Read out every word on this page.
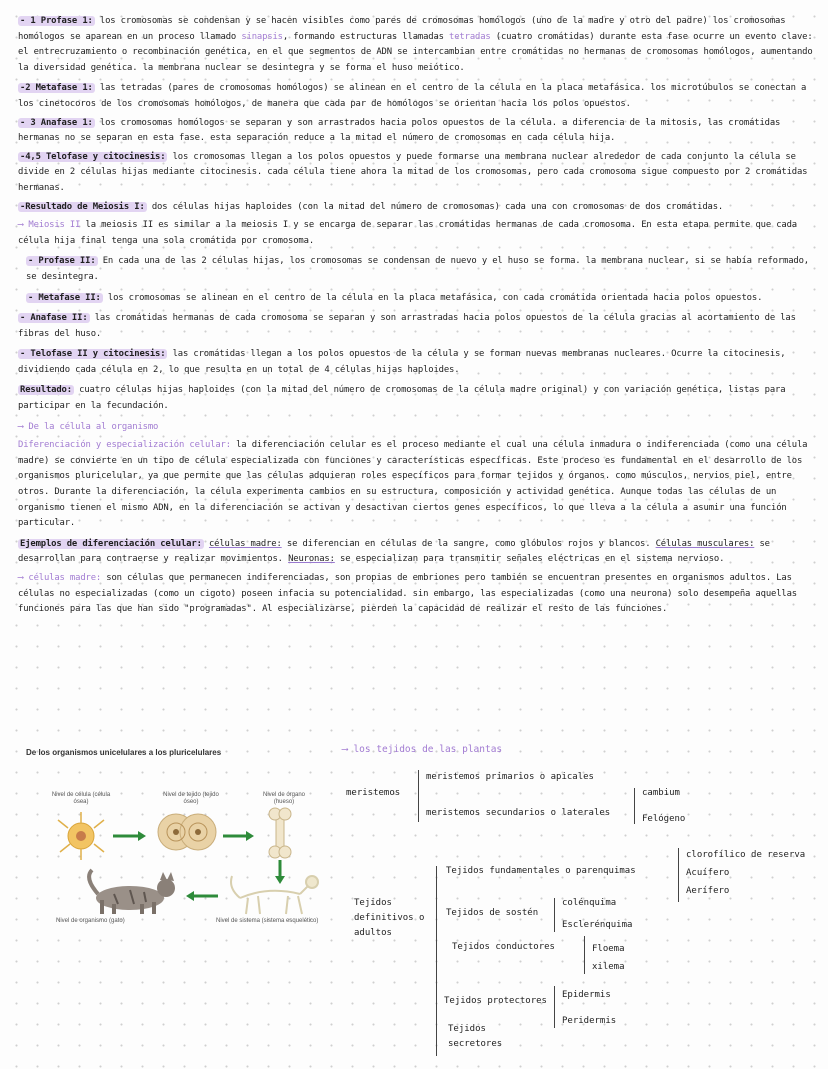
- 1 Profase 1: los cromosomas se condensan y se hacen visibles como pares de cromosomas homólogos (uno de la madre y otro del padre) los cromosomas homólogos se aparean en un proceso llamado sinapsis, formando estructuras llamadas tetradas (cuatro cromátidas) durante esta fase ocurre un evento clave: el entrecruzamiento o recombinación genética, en el que segmentos de ADN se intercambian entre cromátidas no hermanas de cromosomas homólogos, aumentando la diversidad genética. la membrana nuclear se desintegra y se forma el huso meiótico.

-2 Metafase 1: las tetradas (pares de cromosomas homólogos) se alinean en el centro de la célula en la placa metafásica. los microtúbulos se conectan a los cinetocoros de los cromosomas homólogos, de manera que cada par de homólogos se orientan hacia los polos opuestos.

- 3 Anafase 1: los cromosomas homólogos se separan y son arrastrados hacia polos opuestos de la célula. a diferencia de la mitosis, las cromátidas hermanas no se separan en esta fase. esta separación reduce a la mitad el número de cromosomas en cada célula hija.

-4,5 Telofase y citocinesis: los cromosomas llegan a los polos opuestos y puede formarse una membrana nuclear alrededor de cada conjunto la célula se divide en 2 células hijas mediante citocinesis. cada célula tiene ahora la mitad de los cromosomas, pero cada cromosoma sigue compuesto por 2 cromátidas hermanas.

-Resultado de Meiosis I: dos células hijas haploides (con la mitad del número de cromosomas) cada una con cromosomas de dos cromátidas.

⟶ Meiosis II la meiosis II es similar a la meiosis I y se encarga de separar las cromátidas hermanas de cada cromosoma. En esta etapa permite que cada célula hija final tenga una sola cromátida por cromosoma.

- Profase II: En cada una de las 2 células hijas, los cromosomas se condensan de nuevo y el huso se forma. la membrana nuclear, si se había reformado, se desintegra.

- Metafase II: los cromosomas se alinean en el centro de la célula en la placa metafásica, con cada cromátida orientada hacia polos opuestos.

- Anafase II: las cromátidas hermanas de cada cromosoma se separan y son arrastradas hacia polos opuestos de la célula gracias al acortamiento de las fibras del huso.

- Telofase II y citocinesis: las cromátidas llegan a los polos opuestos de la célula y se forman nuevas membranas nucleares. Ocurre la citocinesis, dividiendo cada célula en 2, lo que resulta en un total de 4 células hijas haploides.

Resultado: cuatro células hijas haploides (con la mitad del número de cromosomas de la célula madre original) y con variación genética, listas para participar en la fecundación.

⟶ De la célula al organismo

Diferenciación y especialización celular: la diferenciación celular es el proceso mediante el cual una célula inmadura o indiferenciada (como una célula madre) se convierte en un tipo de célula especializada con funciones y características específicas. Este proceso es fundamental en el desarrollo de los organismos pluricelular, ya que permite que las células adquieran roles específicos para formar tejidos y órganos. como músculos, nervios piel, entre otros. Durante la diferenciación, la célula experimenta cambios en su estructura, composición y actividad genética. Aunque todas las células de un organismo tienen el mismo ADN, en la diferenciación se activan y desactivan ciertos genes específicos, lo que lleva a la célula a asumir una función particular.

Ejemplos de diferenciación celular: células madre: se diferencian en células de la sangre, como glóbulos rojos y blancos. Células musculares: se desarrollan para contraerse y realizar movimientos. Neuronas: se especializan para transmitir señales eléctricas en el sistema nervioso.

⟶ células madre: son células que permanecen indiferenciadas, son propias de embriones pero también se encuentran presentes en organismos adultos. Las células no especializadas (como un cigoto) poseen infacia su potencialidad. sin embargo, las especializadas (como una neurona) solo desempeña aquellas funciones para las que han sido "programadas". Al especializarse, pierden la capacidad de realizar el resto de las funciones.

De los organismos unicelulares a los pluricelulares
Nivel de célula (célula ósea)
Nivel de tejido (tejido óseo)
Nivel de órgano (hueso)
Nivel de organismo (gato)	Nivel de sistema (sistema esquelético)
⟶ los tejidos de las plantas
meristemos
meristemos primarios o apicales
meristemos secundarios o laterales
cambium
Felógeno
Tejidos definitivos o adultos
Tejidos fundamentales o parenquimas
clorofílico de reserva
Acuífero
Aerífero
Tejidos de sostén
colénquima
Esclerénquima
Tejidos conductores	Floema
xilema
Tejidos protectores
Epidermis
Peridermis
Tejidos secretores
